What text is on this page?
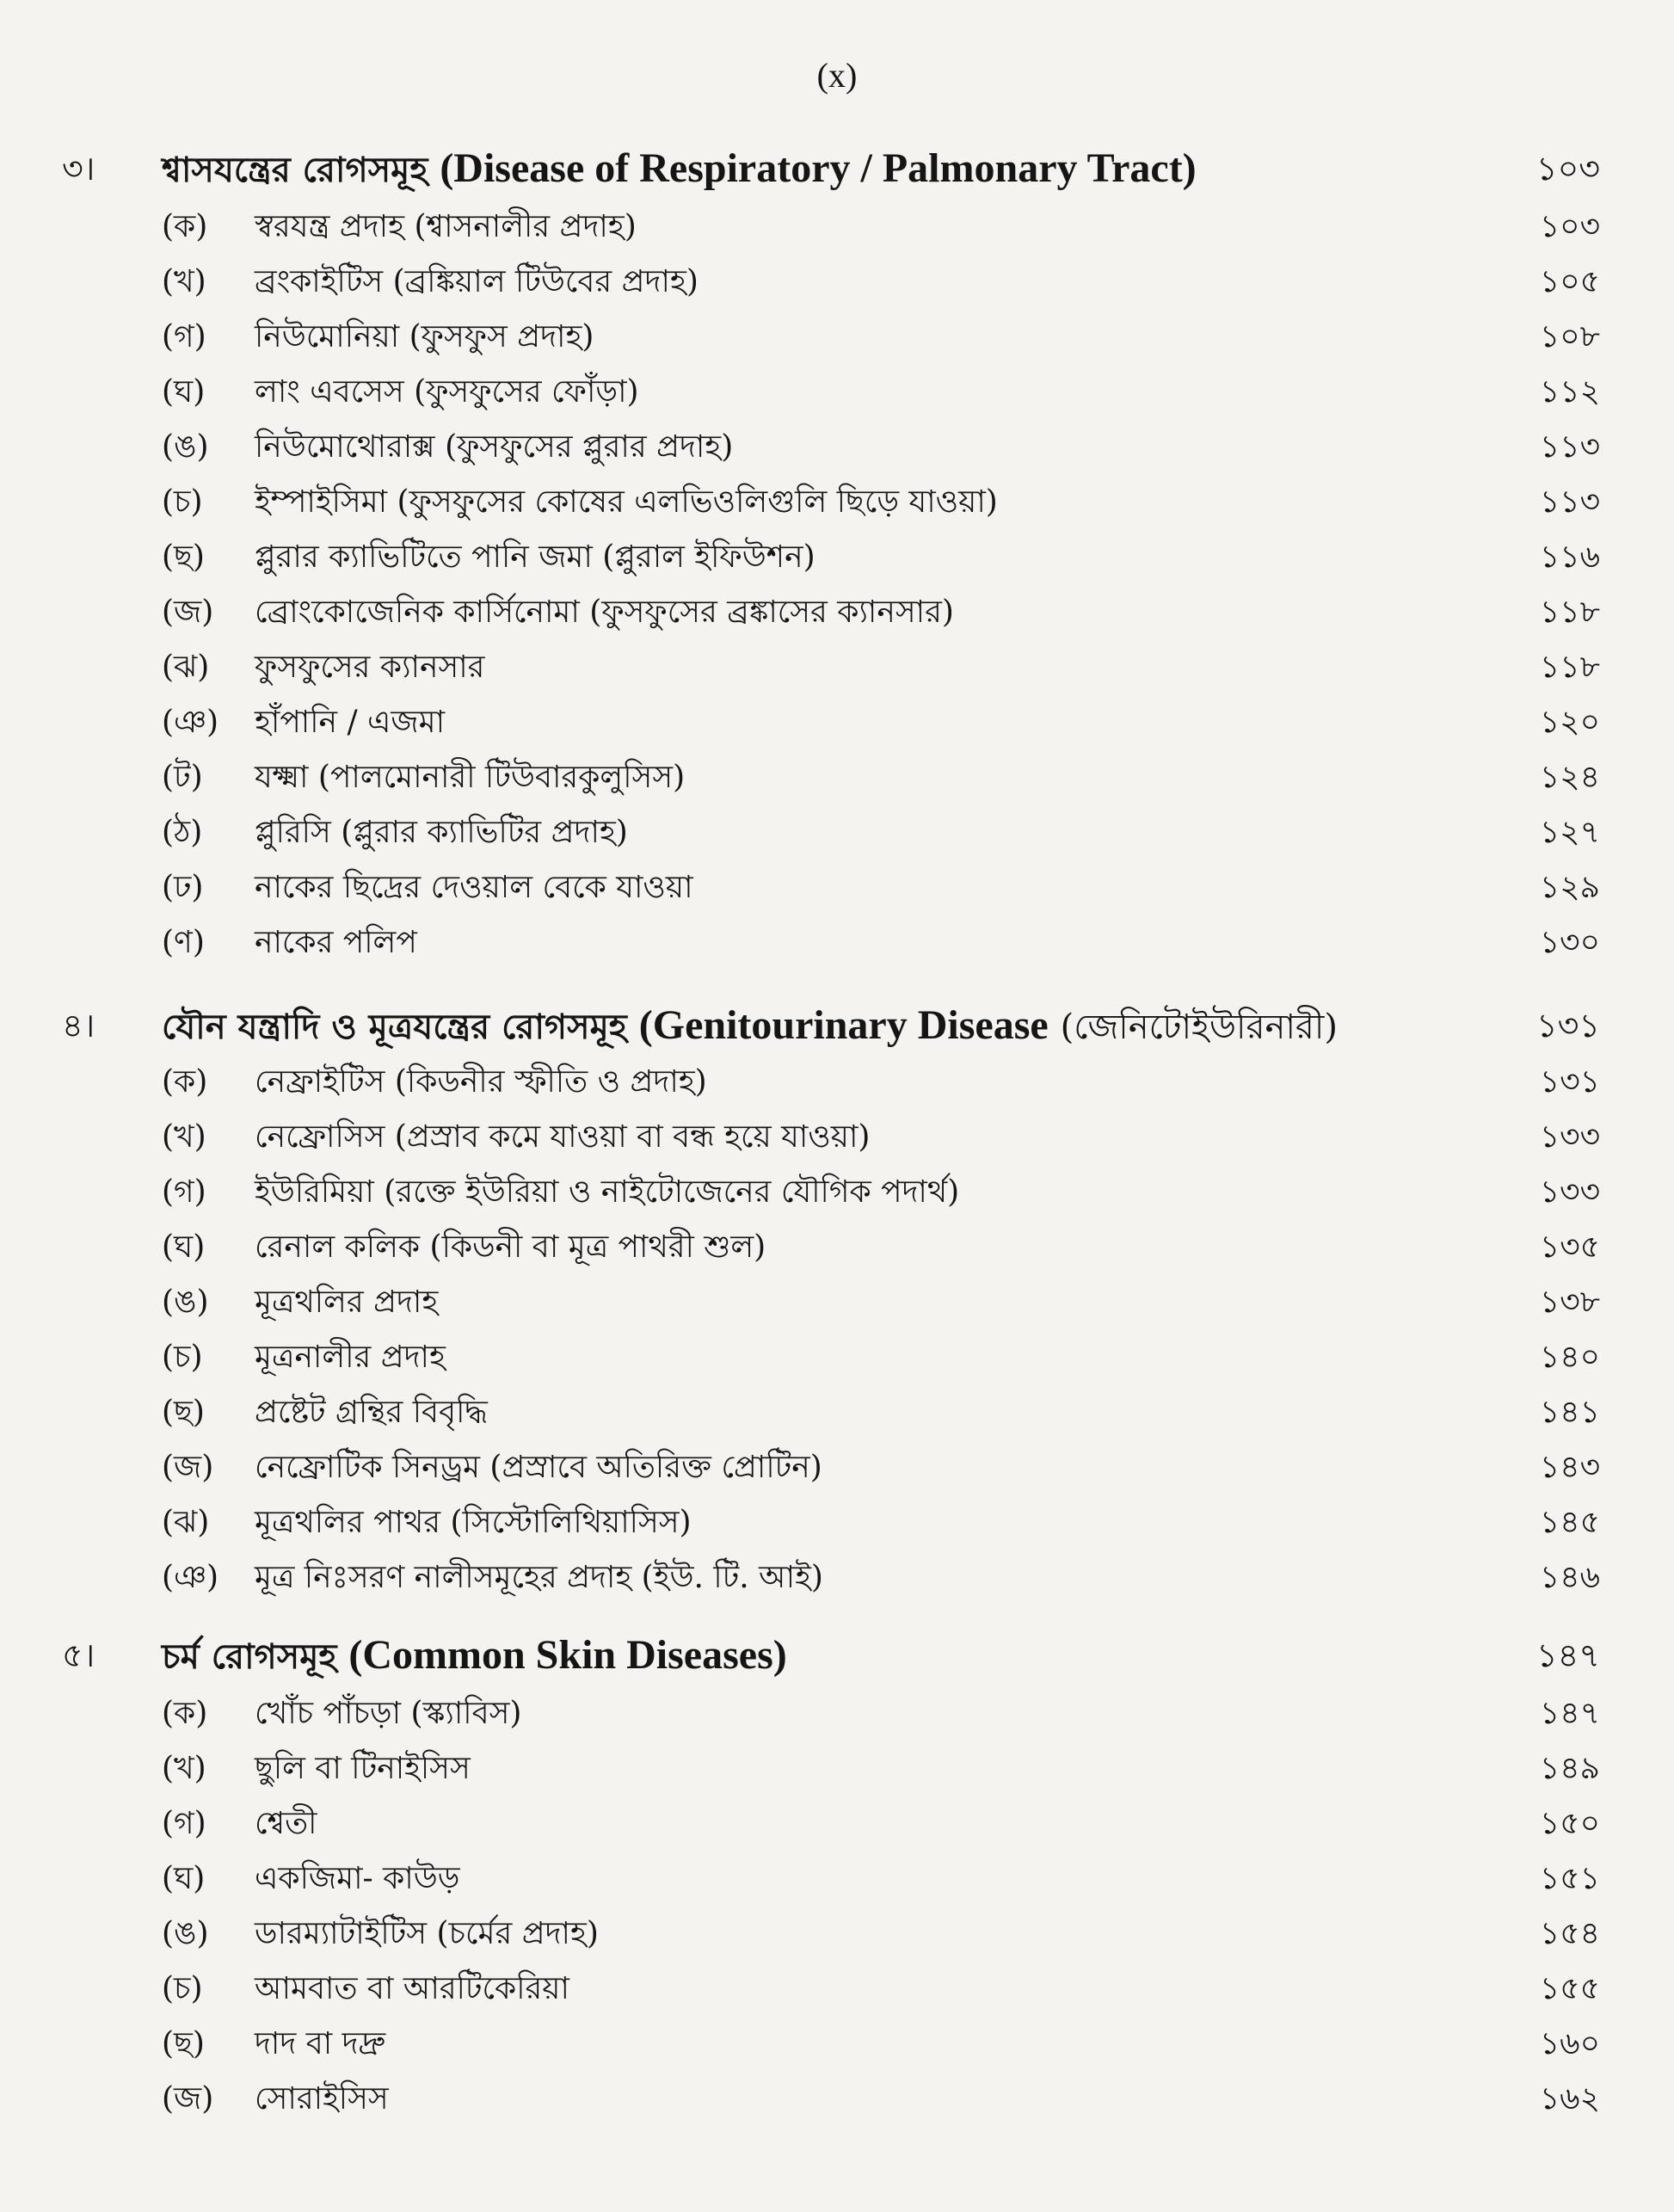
(x)
৩।	শ্বাসযন্ত্রের রোগসমূহ (Disease of Respiratory / Palmonary Tract)	১০৩
(ক)	স্বরযন্ত্র প্রদাহ (শ্বাসনালীর প্রদাহ)	১০৩
(খ)	ব্রংকাইটিস (ব্রঙ্কিয়াল টিউবের প্রদাহ)	১০৫
(গ)	নিউমোনিয়া (ফুসফুস প্রদাহ)	১০৮
(ঘ)	লাং এবসেস (ফুসফুসের ফোঁড়া)	১১২
(ঙ)	নিউমোথোরাক্স (ফুসফুসের প্লুরার প্রদাহ)	১১৩
(চ)	ইম্পাইসিমা (ফুসফুসের কোষের এলভিওলিগুলি ছিড়ে যাওয়া)	১১৩
(ছ)	প্লুরার ক্যাভিটিতে পানি জমা (প্লুরাল ইফিউশন)	১১৬
(জ)	ব্রোংকোজেনিক কার্সিনোমা (ফুসফুসের ব্রঙ্কাসের ক্যানসার)	১১৮
(ঝ)	ফুসফুসের ক্যানসার	১১৮
(ঞ)	হাঁপানি / এজমা	১২০
(ট)	যক্ষ্মা (পালমোনারী টিউবারকুলুসিস)	১২৪
(ঠ)	প্লুরিসি (প্লুরার ক্যাভিটির প্রদাহ)	১২৭
(ঢ)	নাকের ছিদ্রের দেওয়াল বেকে যাওয়া	১২৯
(ণ)	নাকের পলিপ	১৩০
৪।	যৌন যন্ত্রাদি ও মূত্রযন্ত্রের রোগসমূহ (Genitourinary Disease (জেনিটোইউরিনারী)	১৩১
(ক)	নেফ্রাইটিস (কিডনীর স্ফীতি ও প্রদাহ)	১৩১
(খ)	নেফ্রোসিস (প্রস্রাব কমে যাওয়া বা বন্ধ হয়ে যাওয়া)	১৩৩
(গ)	ইউরিমিয়া (রক্তে ইউরিয়া ও নাইটোজেনের যৌগিক পদার্থ)	১৩৩
(ঘ)	রেনাল কলিক (কিডনী বা মূত্র পাথরী শুল)	১৩৫
(ঙ)	মূত্রথলির প্রদাহ	১৩৮
(চ)	মূত্রনালীর প্রদাহ	১৪০
(ছ)	প্রষ্টেট গ্রন্থির বিবৃদ্ধি	১৪১
(জ)	নেফ্রোটিক সিনড্রম (প্রস্রাবে অতিরিক্ত প্রোটিন)	১৪৩
(ঝ)	মূত্রথলির পাথর (সিস্টোলিথিয়াসিস)	১৪৫
(ঞ)	মূত্র নিঃসরণ নালীসমূহের প্রদাহ (ইউ. টি. আই)	১৪৬
৫।	চর্ম রোগসমূহ (Common Skin Diseases)	১৪৭
(ক)	খোঁচ পাঁচড়া (স্ক্যাবিস)	১৪৭
(খ)	ছুলি বা টিনাইসিস	১৪৯
(গ)	শ্বেতী	১৫০
(ঘ)	একজিমা- কাউড়	১৫১
(ঙ)	ডারম্যাটাইটিস (চর্মের প্রদাহ)	১৫৪
(চ)	আমবাত বা আরটিকেরিয়া	১৫৫
(ছ)	দাদ বা দদ্রু	১৬০
(জ)	সোরাইসিস	১৬২
